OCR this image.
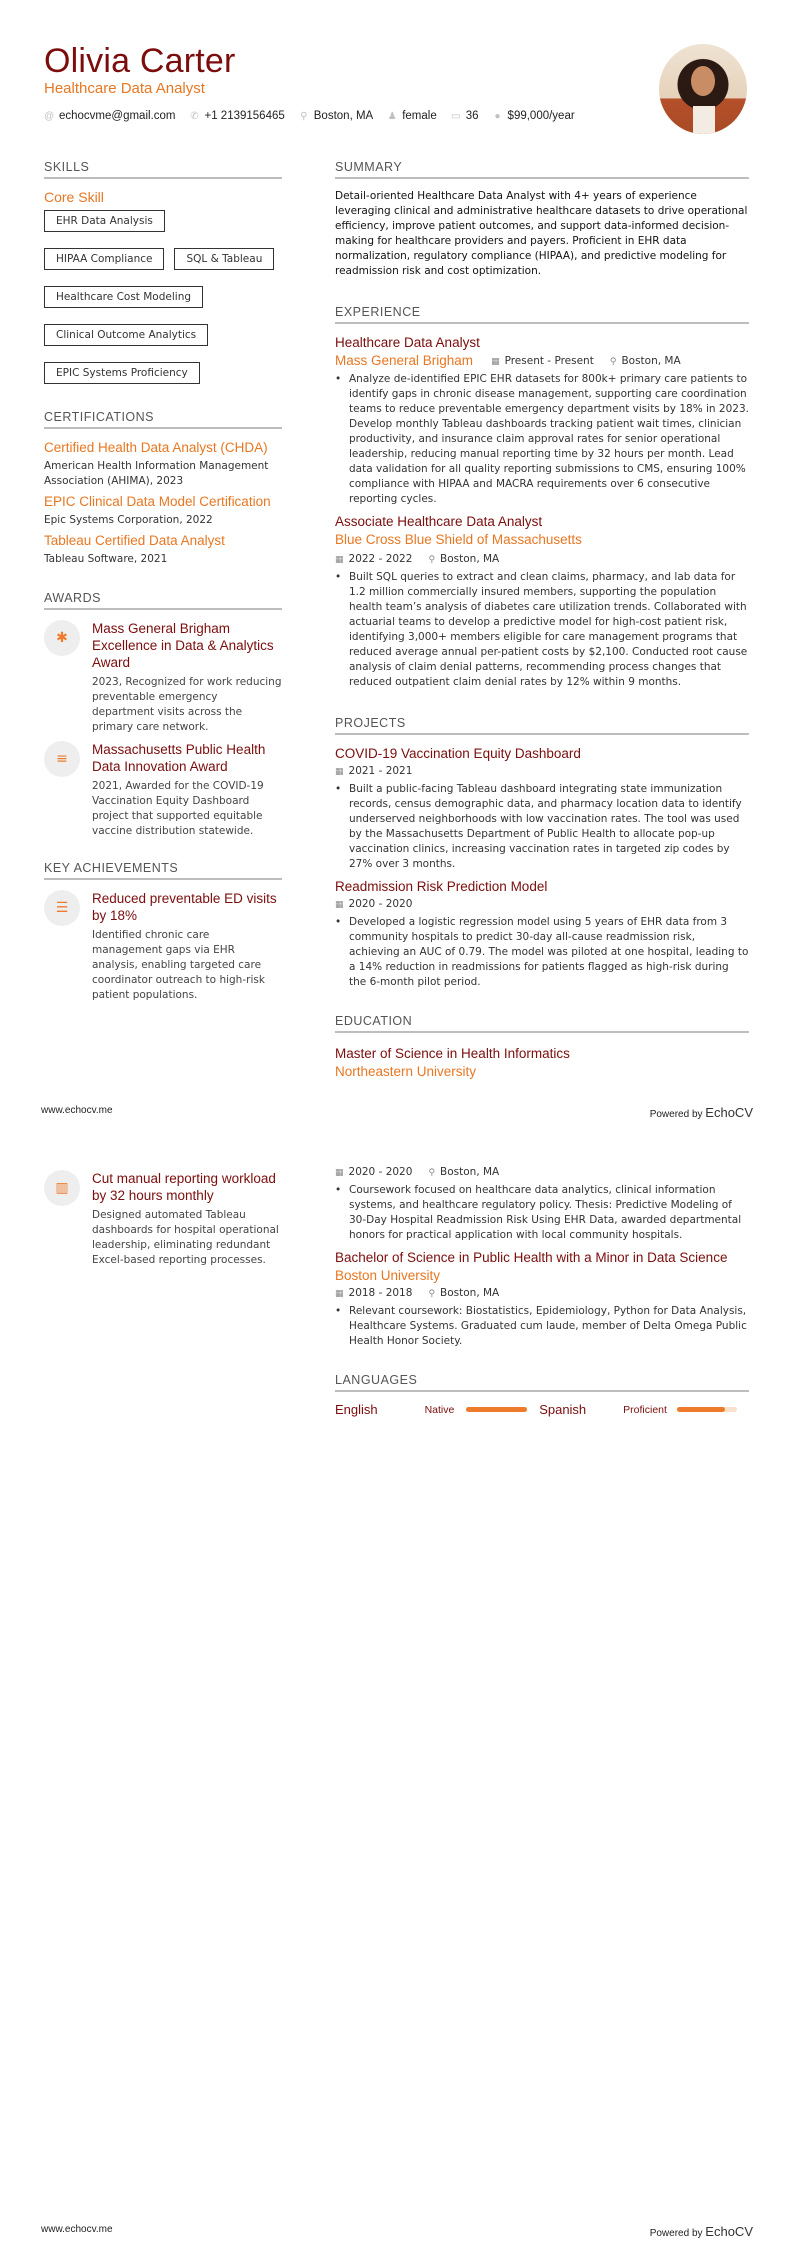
Olivia Carter
Healthcare Data Analyst
@ echocvme@gmail.com ✆ +1 2139156465 ⚲ Boston, MA ♟ female ▭ 36 ● $99,000/year
SKILLS
Core Skill
EHR Data Analysis
HIPAA Compliance	SQL & Tableau
Healthcare Cost Modeling
Clinical Outcome Analytics
EPIC Systems Proficiency
CERTIFICATIONS
Certified Health Data Analyst (CHDA)
American Health Information Management Association (AHIMA), 2023
EPIC Clinical Data Model Certification
Epic Systems Corporation, 2022
Tableau Certified Data Analyst
Tableau Software, 2021
AWARDS
✱
Mass General Brigham Excellence in Data & Analytics Award
2023, Recognized for work reducing preventable emergency department visits across the primary care network.
≡
Massachusetts Public Health Data Innovation Award
2021, Awarded for the COVID-19 Vaccination Equity Dashboard project that supported equitable vaccine distribution statewide.
KEY ACHIEVEMENTS
☰
Reduced preventable ED visits by 18%
Identified chronic care management gaps via EHR analysis, enabling targeted care coordinator outreach to high-risk patient populations.
SUMMARY
Detail-oriented Healthcare Data Analyst with 4+ years of experience leveraging clinical and administrative healthcare datasets to drive operational efficiency, improve patient outcomes, and support data-informed decision-making for healthcare providers and payers. Proficient in EHR data normalization, regulatory compliance (HIPAA), and predictive modeling for readmission risk and cost optimization.
EXPERIENCE
Healthcare Data Analyst
Mass General Brigham ▦ Present - Present ⚲ Boston, MA
• Analyze de-identified EPIC EHR datasets for 800k+ primary care patients to identify gaps in chronic disease management, supporting care coordination teams to reduce preventable emergency department visits by 18% in 2023. Develop monthly Tableau dashboards tracking patient wait times, clinician productivity, and insurance claim approval rates for senior operational leadership, reducing manual reporting time by 32 hours per month. Lead data validation for all quality reporting submissions to CMS, ensuring 100% compliance with HIPAA and MACRA requirements over 6 consecutive reporting cycles.
Associate Healthcare Data Analyst
Blue Cross Blue Shield of Massachusetts
▦ 2022 - 2022 ⚲ Boston, MA
• Built SQL queries to extract and clean claims, pharmacy, and lab data for 1.2 million commercially insured members, supporting the population health team’s analysis of diabetes care utilization trends. Collaborated with actuarial teams to develop a predictive model for high-cost patient risk, identifying 3,000+ members eligible for care management programs that reduced average annual per-patient costs by $2,100. Conducted root cause analysis of claim denial patterns, recommending process changes that reduced outpatient claim denial rates by 12% within 9 months.
PROJECTS
COVID-19 Vaccination Equity Dashboard
▦ 2021 - 2021
• Built a public-facing Tableau dashboard integrating state immunization records, census demographic data, and pharmacy location data to identify underserved neighborhoods with low vaccination rates. The tool was used by the Massachusetts Department of Public Health to allocate pop-up vaccination clinics, increasing vaccination rates in targeted zip codes by 27% over 3 months.
Readmission Risk Prediction Model
▦ 2020 - 2020
• Developed a logistic regression model using 5 years of EHR data from 3 community hospitals to predict 30-day all-cause readmission risk, achieving an AUC of 0.79. The model was piloted at one hospital, leading to a 14% reduction in readmissions for patients flagged as high-risk during the 6-month pilot period.
EDUCATION
Master of Science in Health Informatics
Northeastern University
www.echocv.me	Powered by EchoCV
▥
Cut manual reporting workload by 32 hours monthly
Designed automated Tableau dashboards for hospital operational leadership, eliminating redundant Excel-based reporting processes.
▦ 2020 - 2020 ⚲ Boston, MA
• Coursework focused on healthcare data analytics, clinical information systems, and healthcare regulatory policy. Thesis: Predictive Modeling of 30-Day Hospital Readmission Risk Using EHR Data, awarded departmental honors for practical application with local community hospitals.
Bachelor of Science in Public Health with a Minor in Data Science
Boston University
▦ 2018 - 2018 ⚲ Boston, MA
• Relevant coursework: Biostatistics, Epidemiology, Python for Data Analysis, Healthcare Systems. Graduated cum laude, member of Delta Omega Public Health Honor Society.
LANGUAGES
English	Native	Spanish	Proficient
www.echocv.me	Powered by EchoCV
